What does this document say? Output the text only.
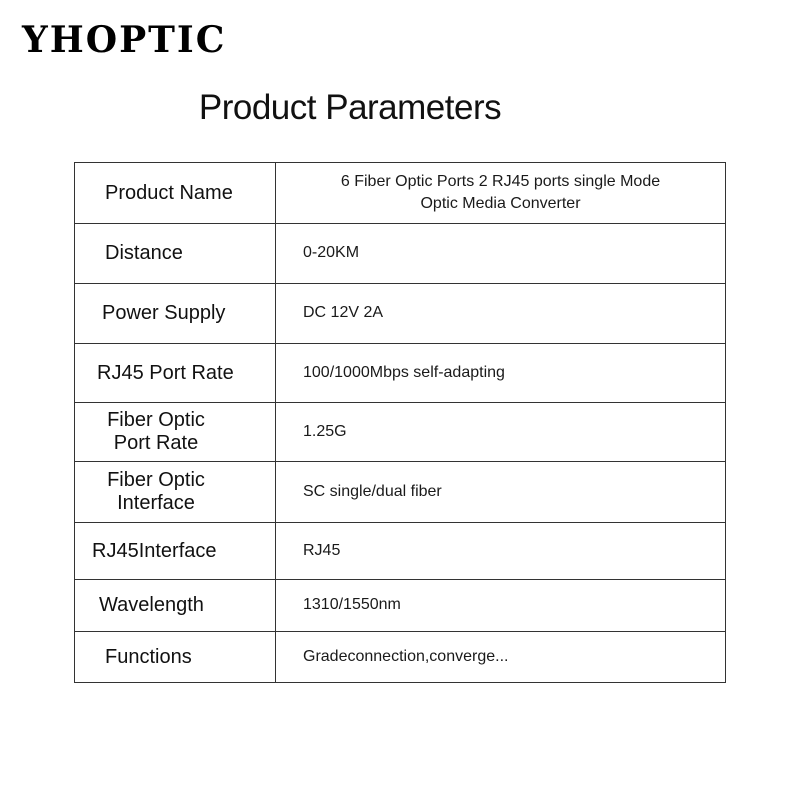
YHOPTIC
Product Parameters
Product Name	6 Fiber Optic Ports 2 RJ45 ports single Mode
Optic Media Converter

Distance	0-20KM

Power Supply	DC 12V 2A

RJ45 Port Rate	100/1000Mbps self-adapting

Fiber Optic
Port Rate	1.25G

Fiber Optic
Interface	SC single/dual fiber

RJ45Interface	RJ45

Wavelength	1310/1550nm

Functions	Gradeconnection,converge...
